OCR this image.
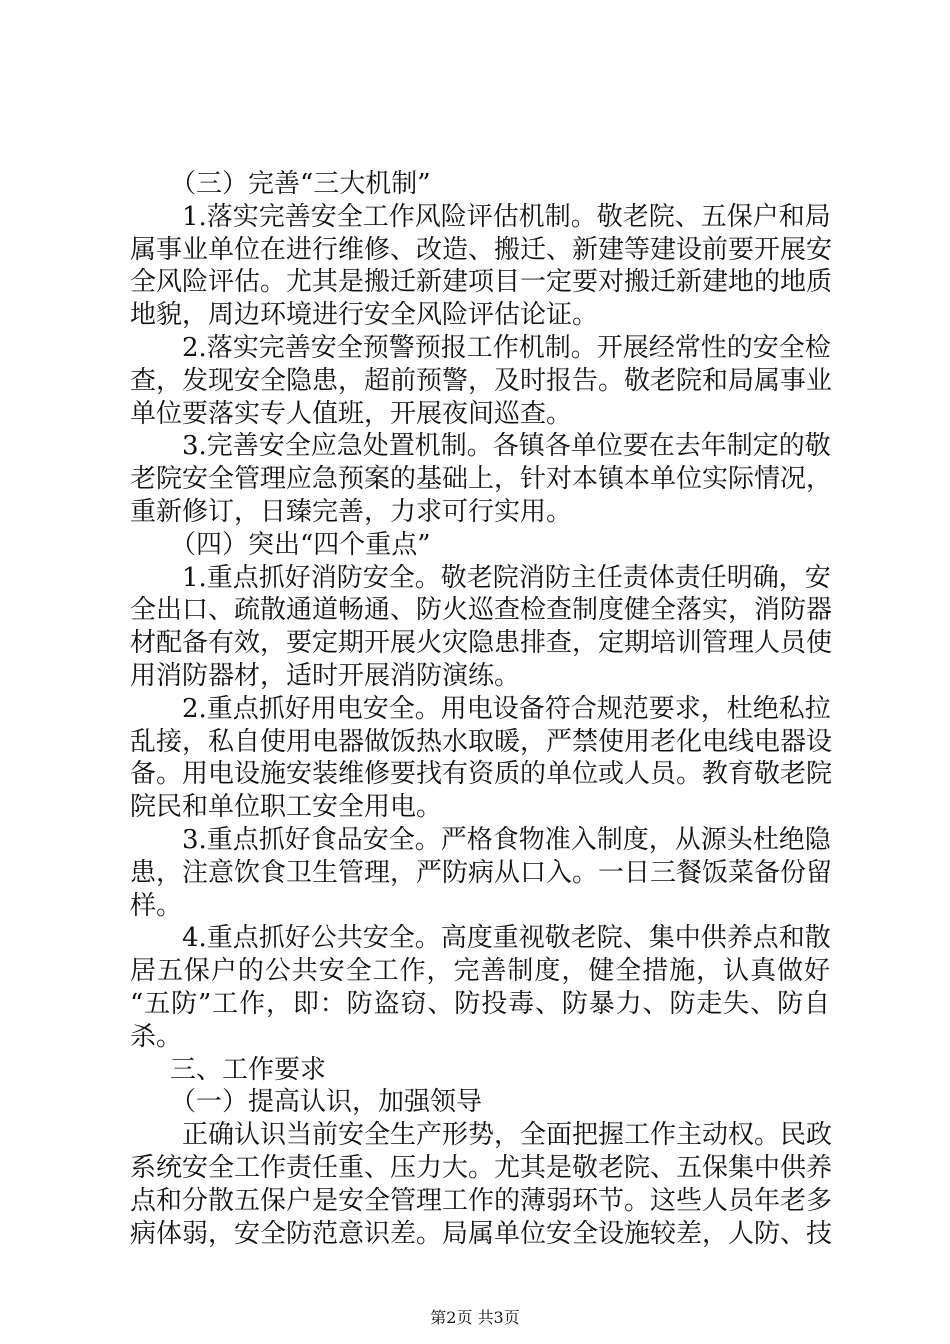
（三）完善“三大机制”
1.落实完善安全工作风险评估机制。敬老院、五保户和局
属事业单位在进行维修、改造、搬迁、新建等建设前要开展安
全风险评估。尤其是搬迁新建项目一定要对搬迁新建地的地质
地貌，周边环境进行安全风险评估论证。
2.落实完善安全预警预报工作机制。开展经常性的安全检
查，发现安全隐患，超前预警，及时报告。敬老院和局属事业
单位要落实专人值班，开展夜间巡查。
3.完善安全应急处置机制。各镇各单位要在去年制定的敬
老院安全管理应急预案的基础上，针对本镇本单位实际情况，
重新修订，日臻完善，力求可行实用。
（四）突出“四个重点”
1.重点抓好消防安全。敬老院消防主任责体责任明确，安
全出口、疏散通道畅通、防火巡查检查制度健全落实，消防器
材配备有效，要定期开展火灾隐患排查，定期培训管理人员使
用消防器材，适时开展消防演练。
2.重点抓好用电安全。用电设备符合规范要求，杜绝私拉
乱接，私自使用电器做饭热水取暖，严禁使用老化电线电器设
备。用电设施安装维修要找有资质的单位或人员。教育敬老院
院民和单位职工安全用电。
3.重点抓好食品安全。严格食物准入制度，从源头杜绝隐
患，注意饮食卫生管理，严防病从口入。一日三餐饭菜备份留
样。
4.重点抓好公共安全。高度重视敬老院、集中供养点和散
居五保户的公共安全工作，完善制度，健全措施，认真做好
“五防”工作，即：防盗窃、防投毒、防暴力、防走失、防自
杀。
三、工作要求
（一）提高认识，加强领导
正确认识当前安全生产形势，全面把握工作主动权。民政
系统安全工作责任重、压力大。尤其是敬老院、五保集中供养
点和分散五保户是安全管理工作的薄弱环节。这些人员年老多
病体弱，安全防范意识差。局属单位安全设施较差，人防、技
第2页 共3页
